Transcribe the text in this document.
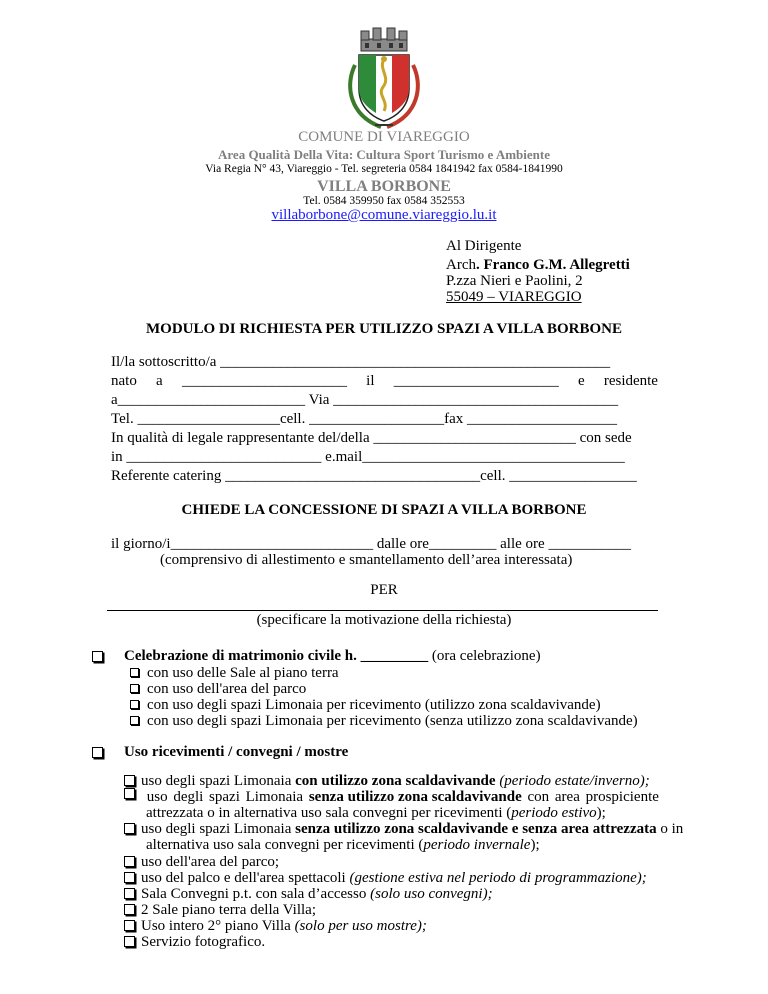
COMUNE DI VIAREGGIO
Area Qualità Della Vita: Cultura Sport Turismo e Ambiente
Via Regia N° 43, Viareggio - Tel. segreteria 0584 1841942 fax 0584-1841990
VILLA BORBONE
Tel. 0584 359950 fax 0584 352553
villaborbone@comune.viareggio.lu.it
Al Dirigente
Arch. Franco G.M. Allegretti
P.zza Nieri e Paolini, 2
55049 – VIAREGGIO
MODULO DI RICHIESTA PER UTILIZZO SPAZI A VILLA BORBONE
Il/la sottoscritto/a ____________________________________________________
nato a ______________________ il ______________________ e residente
a_________________________ Via ______________________________________
Tel. ___________________cell. __________________fax ____________________
In qualità di legale rappresentante del/della ___________________________ con sede
in __________________________ e.mail___________________________________
Referente catering __________________________________cell. _________________
CHIEDE LA CONCESSIONE DI SPAZI A VILLA BORBONE
il giorno/i___________________________ dalle ore_________ alle ore ___________
(comprensivo di allestimento e smantellamento dell’area interessata)
PER
(specificare la motivazione della richiesta)
Celebrazione di matrimonio civile h. _________ (ora celebrazione)
con uso delle Sale al piano terra
con uso dell'area del parco
con uso degli spazi Limonaia per ricevimento (utilizzo zona scaldavivande)
con uso degli spazi Limonaia per ricevimento (senza utilizzo zona scaldavivande)
Uso ricevimenti / convegni / mostre
uso degli spazi Limonaia con utilizzo zona scaldavivande (periodo estate/inverno);
uso degli spazi Limonaia senza utilizzo zona scaldavivande con area prospiciente
attrezzata o in alternativa uso sala convegni per ricevimenti (periodo estivo);
uso degli spazi Limonaia senza utilizzo zona scaldavivande e senza area attrezzata o in
alternativa uso sala convegni per ricevimenti (periodo invernale);
uso dell'area del parco;
uso del palco e dell'area spettacoli (gestione estiva nel periodo di programmazione);
Sala Convegni p.t. con sala d’accesso (solo uso convegni);
2 Sale piano terra della Villa;
Uso intero 2° piano Villa (solo per uso mostre);
Servizio fotografico.
